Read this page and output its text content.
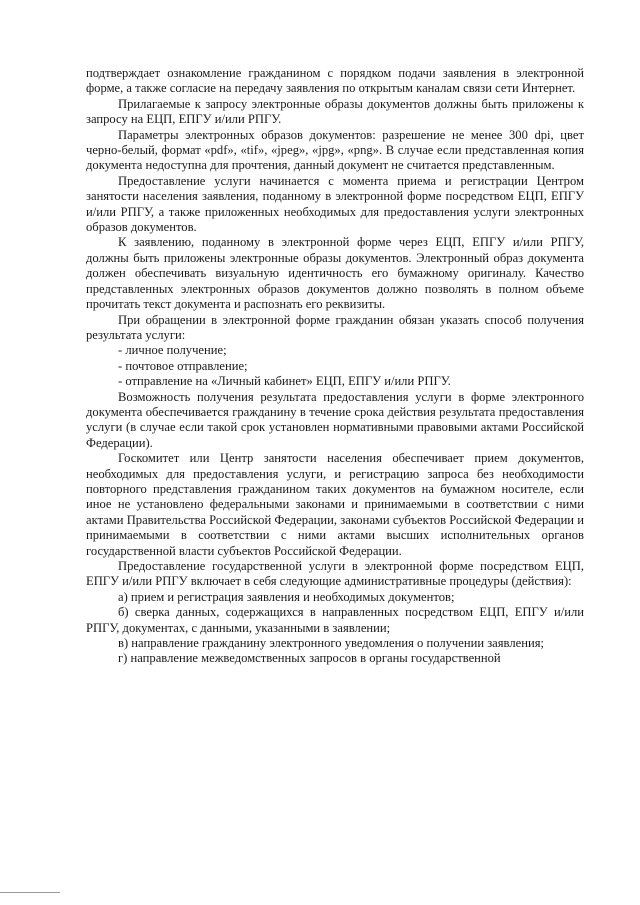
подтверждает ознакомление гражданином с порядком подачи заявления в электронной форме, а также согласие на передачу заявления по открытым каналам связи сети Интернет.

Прилагаемые к запросу электронные образы документов должны быть приложены к запросу на ЕЦП, ЕПГУ и/или РПГУ.

Параметры электронных образов документов: разрешение не менее 300 dpi, цвет черно-белый, формат «pdf», «tif», «jpeg», «jpg», «png». В случае если представленная копия документа недоступна для прочтения, данный документ не считается представленным.

Предоставление услуги начинается с момента приема и регистрации Центром занятости населения заявления, поданному в электронной форме посредством ЕЦП, ЕПГУ и/или РПГУ, а также приложенных необходимых для предоставления услуги электронных образов документов.

К заявлению, поданному в электронной форме через ЕЦП, ЕПГУ и/или РПГУ, должны быть приложены электронные образы документов. Электронный образ документа должен обеспечивать визуальную идентичность его бумажному оригиналу. Качество представленных электронных образов документов должно позволять в полном объеме прочитать текст документа и распознать его реквизиты.

При обращении в электронной форме гражданин обязан указать способ получения результата услуги:

- личное получение;

- почтовое отправление;

- отправление на «Личный кабинет» ЕЦП, ЕПГУ и/или РПГУ.

Возможность получения результата предоставления услуги в форме электронного документа обеспечивается гражданину в течение срока действия результата предоставления услуги (в случае если такой срок установлен нормативными правовыми актами Российской Федерации).

Госкомитет или Центр занятости населения обеспечивает прием документов, необходимых для предоставления услуги, и регистрацию запроса без необходимости повторного представления гражданином таких документов на бумажном носителе, если иное не установлено федеральными законами и принимаемыми в соответствии с ними актами Правительства Российской Федерации, законами субъектов Российской Федерации и принимаемыми в соответствии с ними актами высших исполнительных органов государственной власти субъектов Российской Федерации.

Предоставление государственной услуги в электронной форме посредством ЕЦП, ЕПГУ и/или РПГУ включает в себя следующие административные процедуры (действия):

а) прием и регистрация заявления и необходимых документов;

б) сверка данных, содержащихся в направленных посредством ЕЦП, ЕПГУ и/или РПГУ, документах, с данными, указанными в заявлении;

в) направление гражданину электронного уведомления о получении заявления;

г) направление межведомственных запросов в органы государственной
